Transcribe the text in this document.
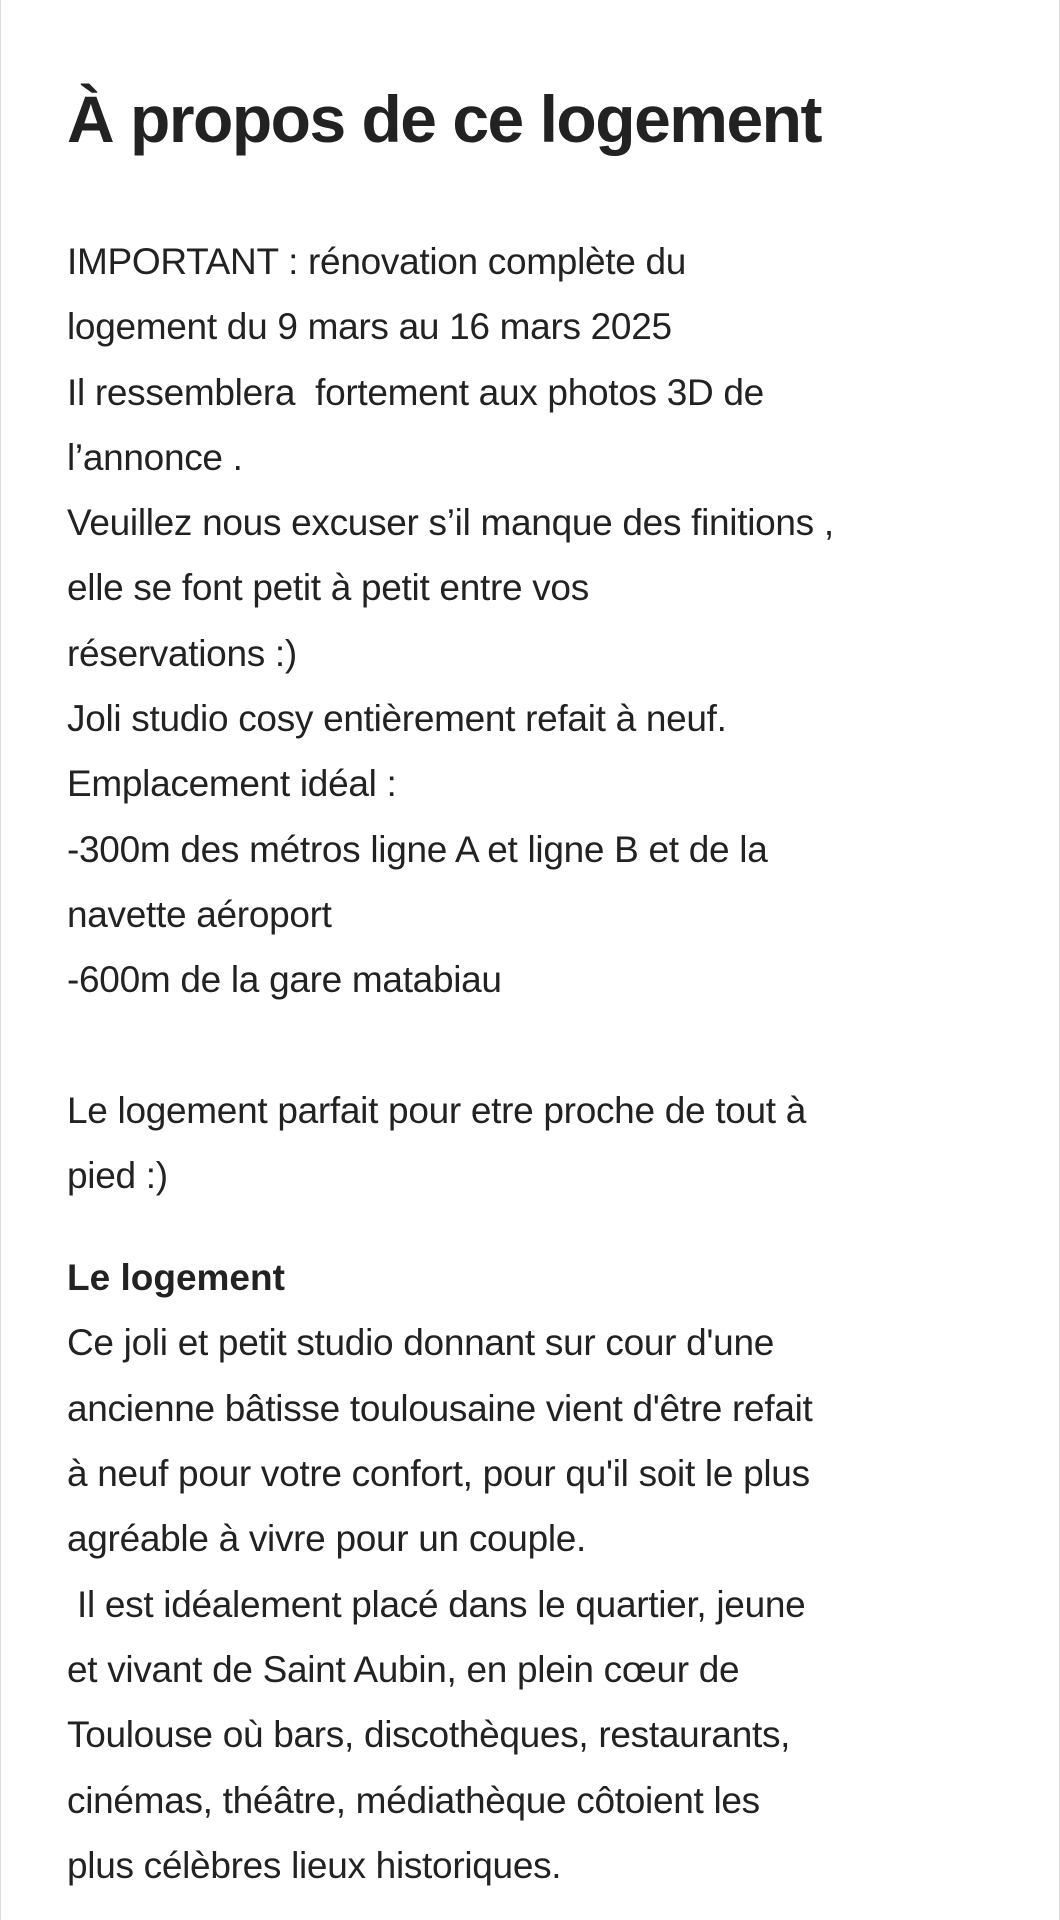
À propos de ce logement
IMPORTANT : rénovation complète du
logement du 9 mars au 16 mars 2025
Il ressemblera  fortement aux photos 3D de
l’annonce .
Veuillez nous excuser s’il manque des finitions ,
elle se font petit à petit entre vos
réservations :)
Joli studio cosy entièrement refait à neuf.
Emplacement idéal :
-300m des métros ligne A et ligne B et de la
navette aéroport
-600m de la gare matabiau
Le logement parfait pour etre proche de tout à
pied :)
Le logement
Ce joli et petit studio donnant sur cour d'une
ancienne bâtisse toulousaine vient d'être refait
à neuf pour votre confort, pour qu'il soit le plus
agréable à vivre pour un couple.
Il est idéalement placé dans le quartier, jeune
et vivant de Saint Aubin, en plein cœur de
Toulouse où bars, discothèques, restaurants,
cinémas, théâtre, médiathèque côtoient les
plus célèbres lieux historiques.
